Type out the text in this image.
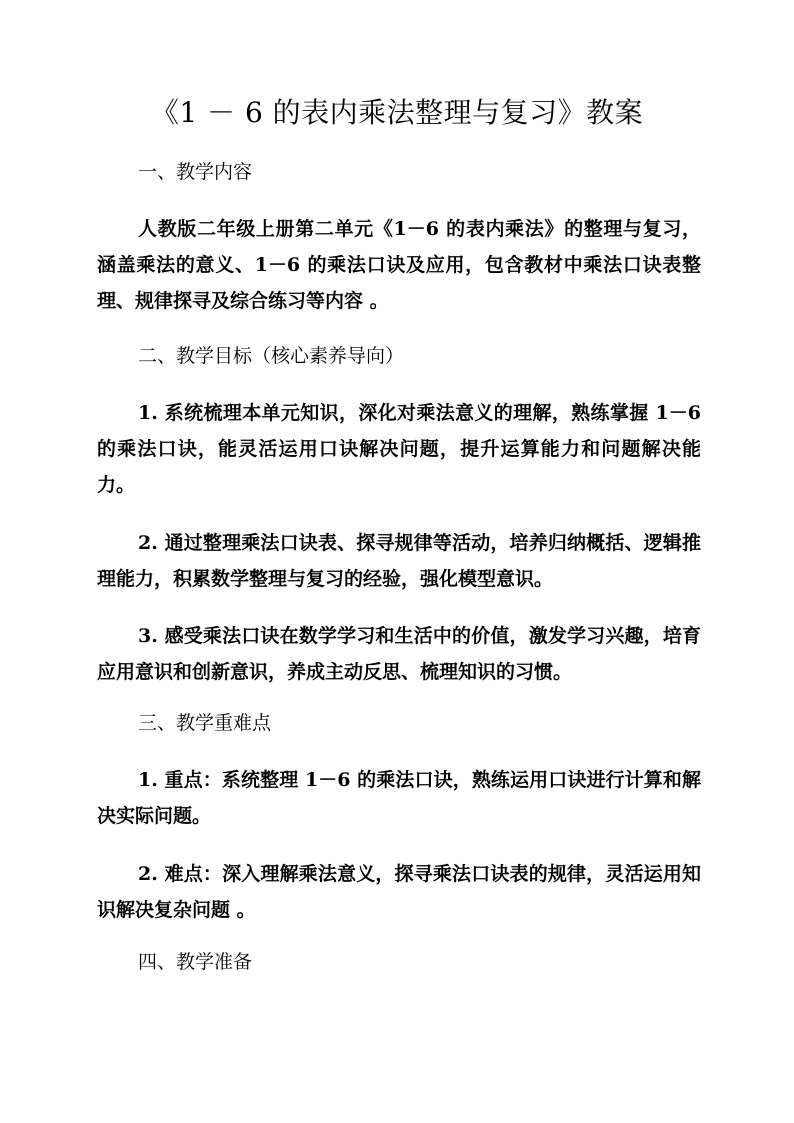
《1 － 6 的表内乘法整理与复习》教案
一、教学内容

人教版二年级上册第二单元《1－6 的表内乘法》的整理与复习，涵盖乘法的意义、1－6 的乘法口诀及应用，包含教材中乘法口诀表整理、规律探寻及综合练习等内容 。

二、教学目标（核心素养导向）

1. 系统梳理本单元知识，深化对乘法意义的理解，熟练掌握 1－6 的乘法口诀，能灵活运用口诀解决问题，提升运算能力和问题解决能力。

2. 通过整理乘法口诀表、探寻规律等活动，培养归纳概括、逻辑推理能力，积累数学整理与复习的经验，强化模型意识。

3. 感受乘法口诀在数学学习和生活中的价值，激发学习兴趣，培育应用意识和创新意识，养成主动反思、梳理知识的习惯。

三、教学重难点

1. 重点：系统整理 1－6 的乘法口诀，熟练运用口诀进行计算和解决实际问题。

2. 难点：深入理解乘法意义，探寻乘法口诀表的规律，灵活运用知识解决复杂问题 。

四、教学准备
